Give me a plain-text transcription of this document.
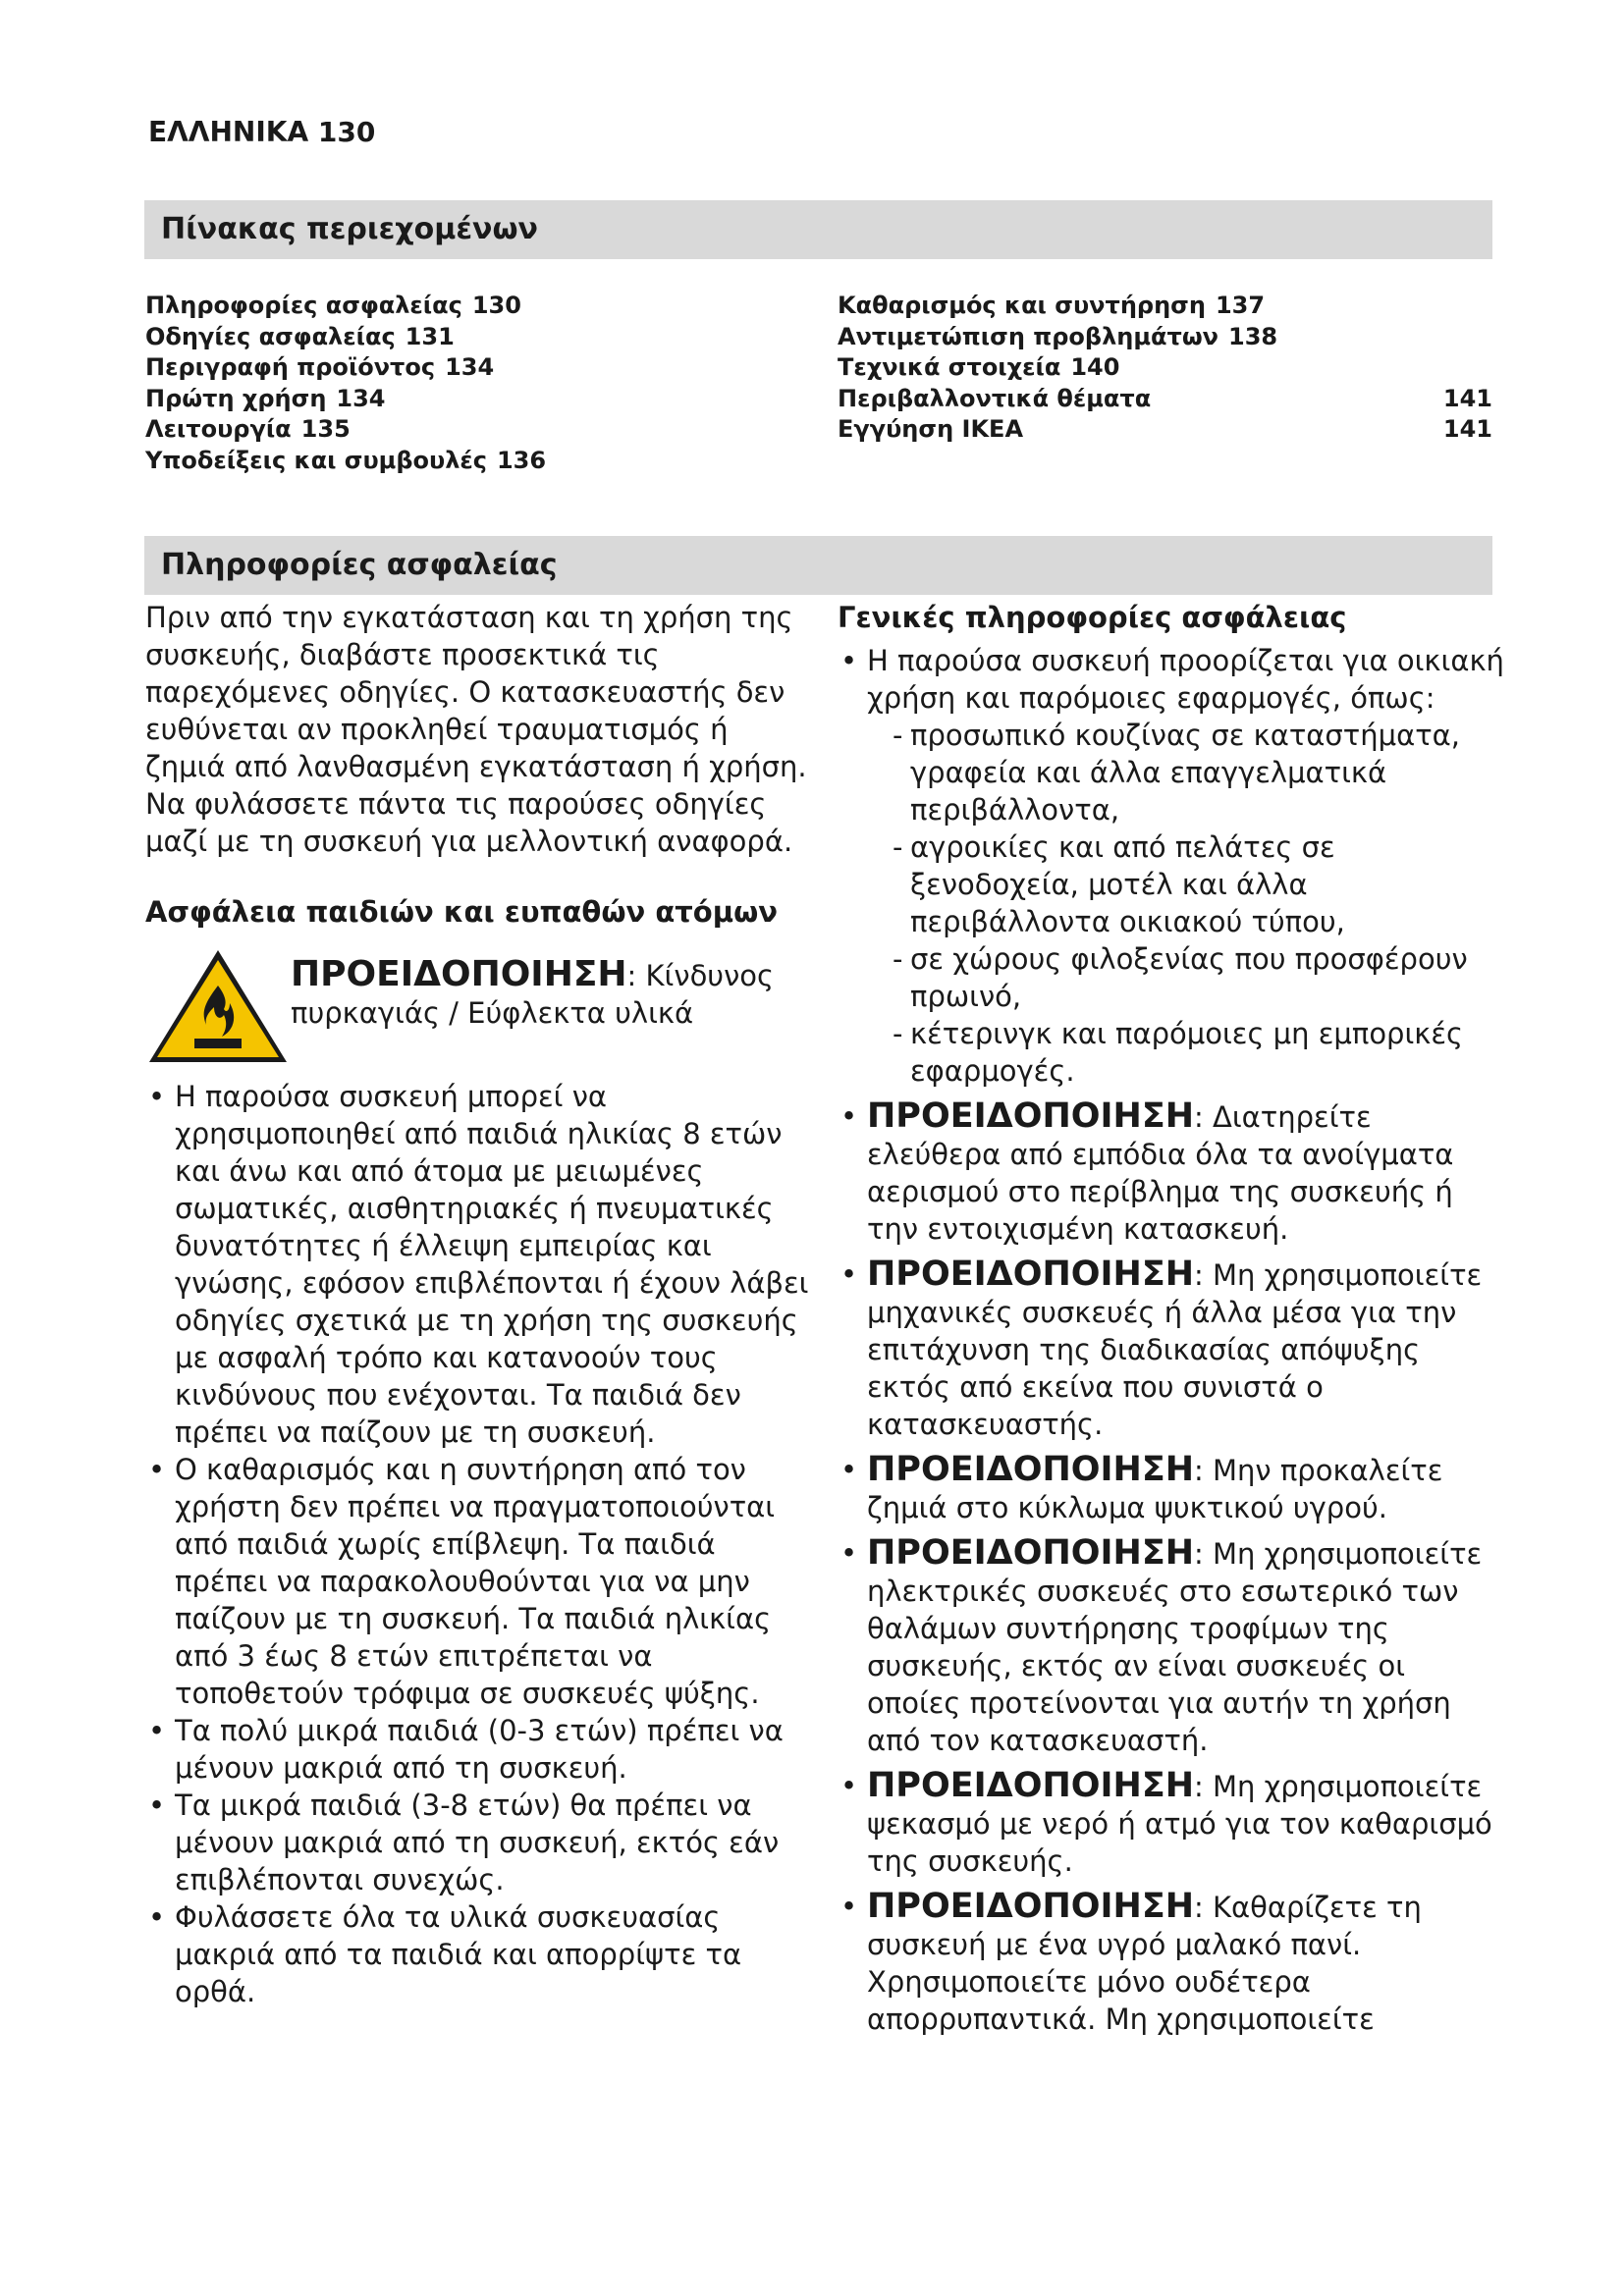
ΕΛΛΗΝΙΚΑ 130
Πίνακας περιεχομένων
Πληροφορίες ασφαλείας 130
Οδηγίες ασφαλείας 131
Περιγραφή προϊόντος 134
Πρώτη χρήση 134
Λειτουργία 135
Υποδείξεις και συμβουλές 136
Καθαρισμός και συντήρηση 137
Αντιμετώπιση προβλημάτων 138
Τεχνικά στοιχεία 140
Περιβαλλοντικά θέματα	141
Εγγύηση IKEA	141
Πληροφορίες ασφαλείας

Πριν από την εγκατάσταση και τη χρήση της συσκευής, διαβάστε προσεκτικά τις παρεχόμενες οδηγίες. Ο κατασκευαστής δεν ευθύνεται αν προκληθεί τραυματισμός ή ζημιά από λανθασμένη εγκατάσταση ή χρήση. Να φυλάσσετε πάντα τις παρούσες οδηγίες μαζί με τη συσκευή για μελλοντική αναφορά.

Ασφάλεια παιδιών και ευπαθών ατόμων

ΠΡΟΕΙΔΟΠΟΙΗΣΗ: Κίνδυνος πυρκαγιάς / Εύφλεκτα υλικά
• Η παρούσα συσκευή μπορεί να χρησιμοποιηθεί από παιδιά ηλικίας 8 ετών και άνω και από άτομα με μειωμένες σωματικές, αισθητηριακές ή πνευματικές δυνατότητες ή έλλειψη εμπειρίας και γνώσης, εφόσον επιβλέπονται ή έχουν λάβει οδηγίες σχετικά με τη χρήση της συσκευής με ασφαλή τρόπο και κατανοούν τους κινδύνους που ενέχονται. Τα παιδιά δεν πρέπει να παίζουν με τη συσκευή.
• Ο καθαρισμός και η συντήρηση από τον χρήστη δεν πρέπει να πραγματοποιούνται από παιδιά χωρίς επίβλεψη. Τα παιδιά πρέπει να παρακολουθούνται για να μην παίζουν με τη συσκευή. Τα παιδιά ηλικίας από 3 έως 8 ετών επιτρέπεται να τοποθετούν τρόφιμα σε συσκευές ψύξης.
• Τα πολύ μικρά παιδιά (0-3 ετών) πρέπει να μένουν μακριά από τη συσκευή.
• Τα μικρά παιδιά (3-8 ετών) θα πρέπει να μένουν μακριά από τη συσκευή, εκτός εάν επιβλέπονται συνεχώς.
• Φυλάσσετε όλα τα υλικά συσκευασίας μακριά από τα παιδιά και απορρίψτε τα ορθά.

Γενικές πληροφορίες ασφάλειας

• Η παρούσα συσκευή προορίζεται για οικιακή χρήση και παρόμοιες εφαρμογές, όπως:
- προσωπικό κουζίνας σε καταστήματα, γραφεία και άλλα επαγγελματικά περιβάλλοντα,
- αγροικίες και από πελάτες σε ξενοδοχεία, μοτέλ και άλλα περιβάλλοντα οικιακού τύπου,
- σε χώρους φιλοξενίας που προσφέρουν πρωινό,
- κέτερινγκ και παρόμοιες μη εμπορικές εφαρμογές.
• ΠΡΟΕΙΔΟΠΟΙΗΣΗ: Διατηρείτε ελεύθερα από εμπόδια όλα τα ανοίγματα αερισμού στο περίβλημα της συσκευής ή την εντοιχισμένη κατασκευή.
• ΠΡΟΕΙΔΟΠΟΙΗΣΗ: Μη χρησιμοποιείτε μηχανικές συσκευές ή άλλα μέσα για την επιτάχυνση της διαδικασίας απόψυξης εκτός από εκείνα που συνιστά ο κατασκευαστής.
• ΠΡΟΕΙΔΟΠΟΙΗΣΗ: Μην προκαλείτε ζημιά στο κύκλωμα ψυκτικού υγρού.
• ΠΡΟΕΙΔΟΠΟΙΗΣΗ: Μη χρησιμοποιείτε ηλεκτρικές συσκευές στο εσωτερικό των θαλάμων συντήρησης τροφίμων της συσκευής, εκτός αν είναι συσκευές οι οποίες προτείνονται για αυτήν τη χρήση από τον κατασκευαστή.
• ΠΡΟΕΙΔΟΠΟΙΗΣΗ: Μη χρησιμοποιείτε ψεκασμό με νερό ή ατμό για τον καθαρισμό της συσκευής.
• ΠΡΟΕΙΔΟΠΟΙΗΣΗ: Καθαρίζετε τη συσκευή με ένα υγρό μαλακό πανί. Χρησιμοποιείτε μόνο ουδέτερα απορρυπαντικά. Μη χρησιμοποιείτε
